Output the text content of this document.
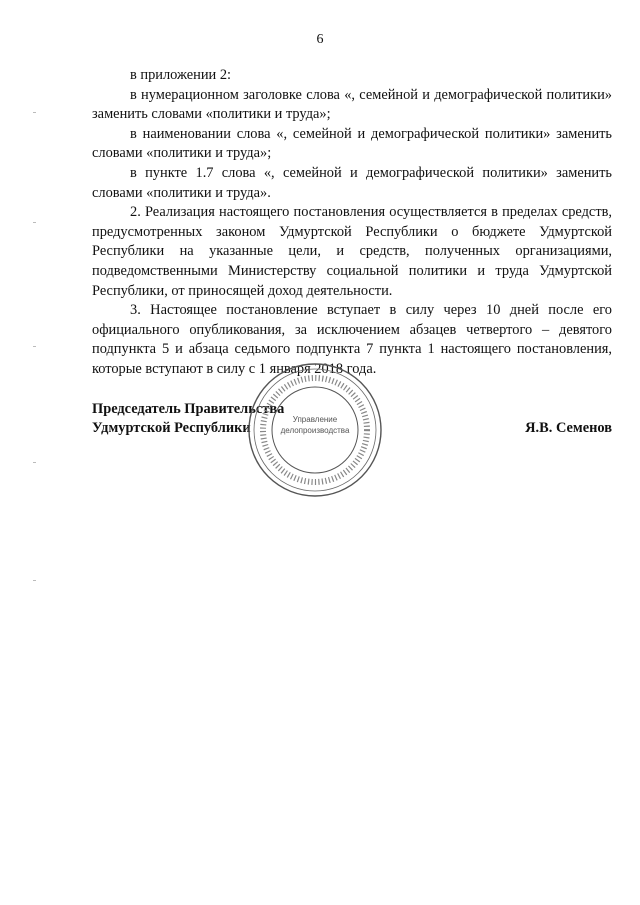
6

в приложении 2:

в нумерационном заголовке слова «, семейной и демографической политики» заменить словами «политики и труда»;

в наименовании слова «, семейной и демографической политики» заменить словами «политики и труда»;

в пункте 1.7 слова «, семейной и демографической политики» заменить словами «политики и труда».

2. Реализация настоящего постановления осуществляется в пределах средств, предусмотренных законом Удмуртской Республики о бюджете Удмуртской Республики на указанные цели, и средств, полученных организациями, подведомственными Министерству социальной политики и труда Удмуртской Республики, от приносящей доход деятельности.

3. Настоящее постановление вступает в силу через 10 дней после его официального опубликования, за исключением абзацев четвертого – девятого подпункта 5 и абзаца седьмого подпункта 7 пункта 1 настоящего постановления, которые вступают в силу с 1 января 2018 года.

Председатель Правительства
Удмуртской Республики	Я.В. Семенов
Управление
делопроизводства
